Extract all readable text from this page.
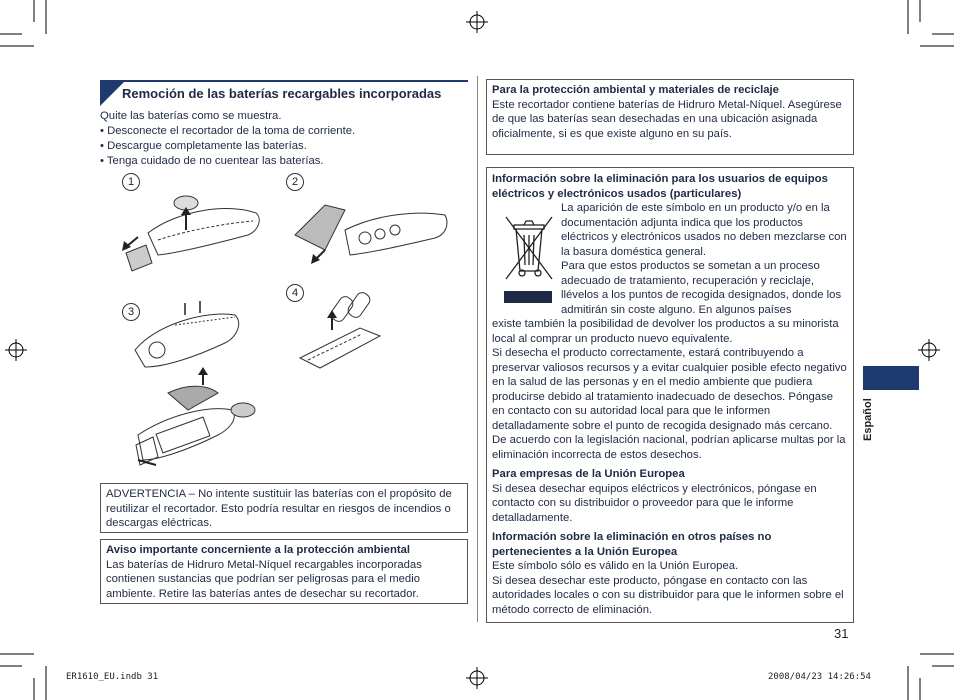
Remoción de las baterías recargables incorporadas
Quite las baterías como se muestra.
• Desconecte el recortador de la toma de corriente.
• Descargue completamente las baterías.
• Tenga cuidado de no cuentear las baterías.
1	2
3
4
ADVERTENCIA – No intente sustituir las baterías con el propósito de reutilizar el recortador. Esto podría resultar en riesgos de incendios o descargas eléctricas.
Aviso importante concerniente a la protección ambiental
Las baterías de Hidruro Metal-Níquel recargables incorporadas contienen sustancias que podrían ser peligrosas para el medio ambiente. Retire las baterías antes de desechar su recortador.
Para la protección ambiental y materiales de reciclaje
Este recortador contiene baterías de Hidruro Metal-Níquel. Asegúrese de que las baterías sean desechadas en una ubicación asignada oficialmente, si es que existe alguno en su país.
Información sobre la eliminación para los usuarios de equipos eléctricos y electrónicos usados (particulares)
La aparición de este símbolo en un producto y/o en la documentación adjunta indica que los productos eléctricos y electrónicos usados no deben mezclarse con la basura doméstica general.
Para que estos productos se sometan a un proceso adecuado de tratamiento, recuperación y reciclaje, llévelos a los puntos de recogida designados, donde los admitirán sin coste alguno. En algunos países
existe también la posibilidad de devolver los productos a su minorista local al comprar un producto nuevo equivalente.
Si desecha el producto correctamente, estará contribuyendo a preservar valiosos recursos y a evitar cualquier posible efecto negativo en la salud de las personas y en el medio ambiente que pudiera producirse debido al tratamiento inadecuado de desechos. Póngase en contacto con su autoridad local para que le informen detalladamente sobre el punto de recogida designado más cercano.
De acuerdo con la legislación nacional, podrían aplicarse multas por la eliminación incorrecta de estos desechos.
Para empresas de la Unión Europea
Si desea desechar equipos eléctricos y electrónicos, póngase en contacto con su distribuidor o proveedor para que le informe detalladamente.
Información sobre la eliminación en otros países no pertenecientes a la Unión Europea
Este símbolo sólo es válido en la Unión Europea.
Si desea desechar este producto, póngase en contacto con las autoridades locales o con su distribuidor para que le informen sobre el método correcto de eliminación.
Español
31
ER1610_EU.indb 31	2008/04/23 14:26:54
